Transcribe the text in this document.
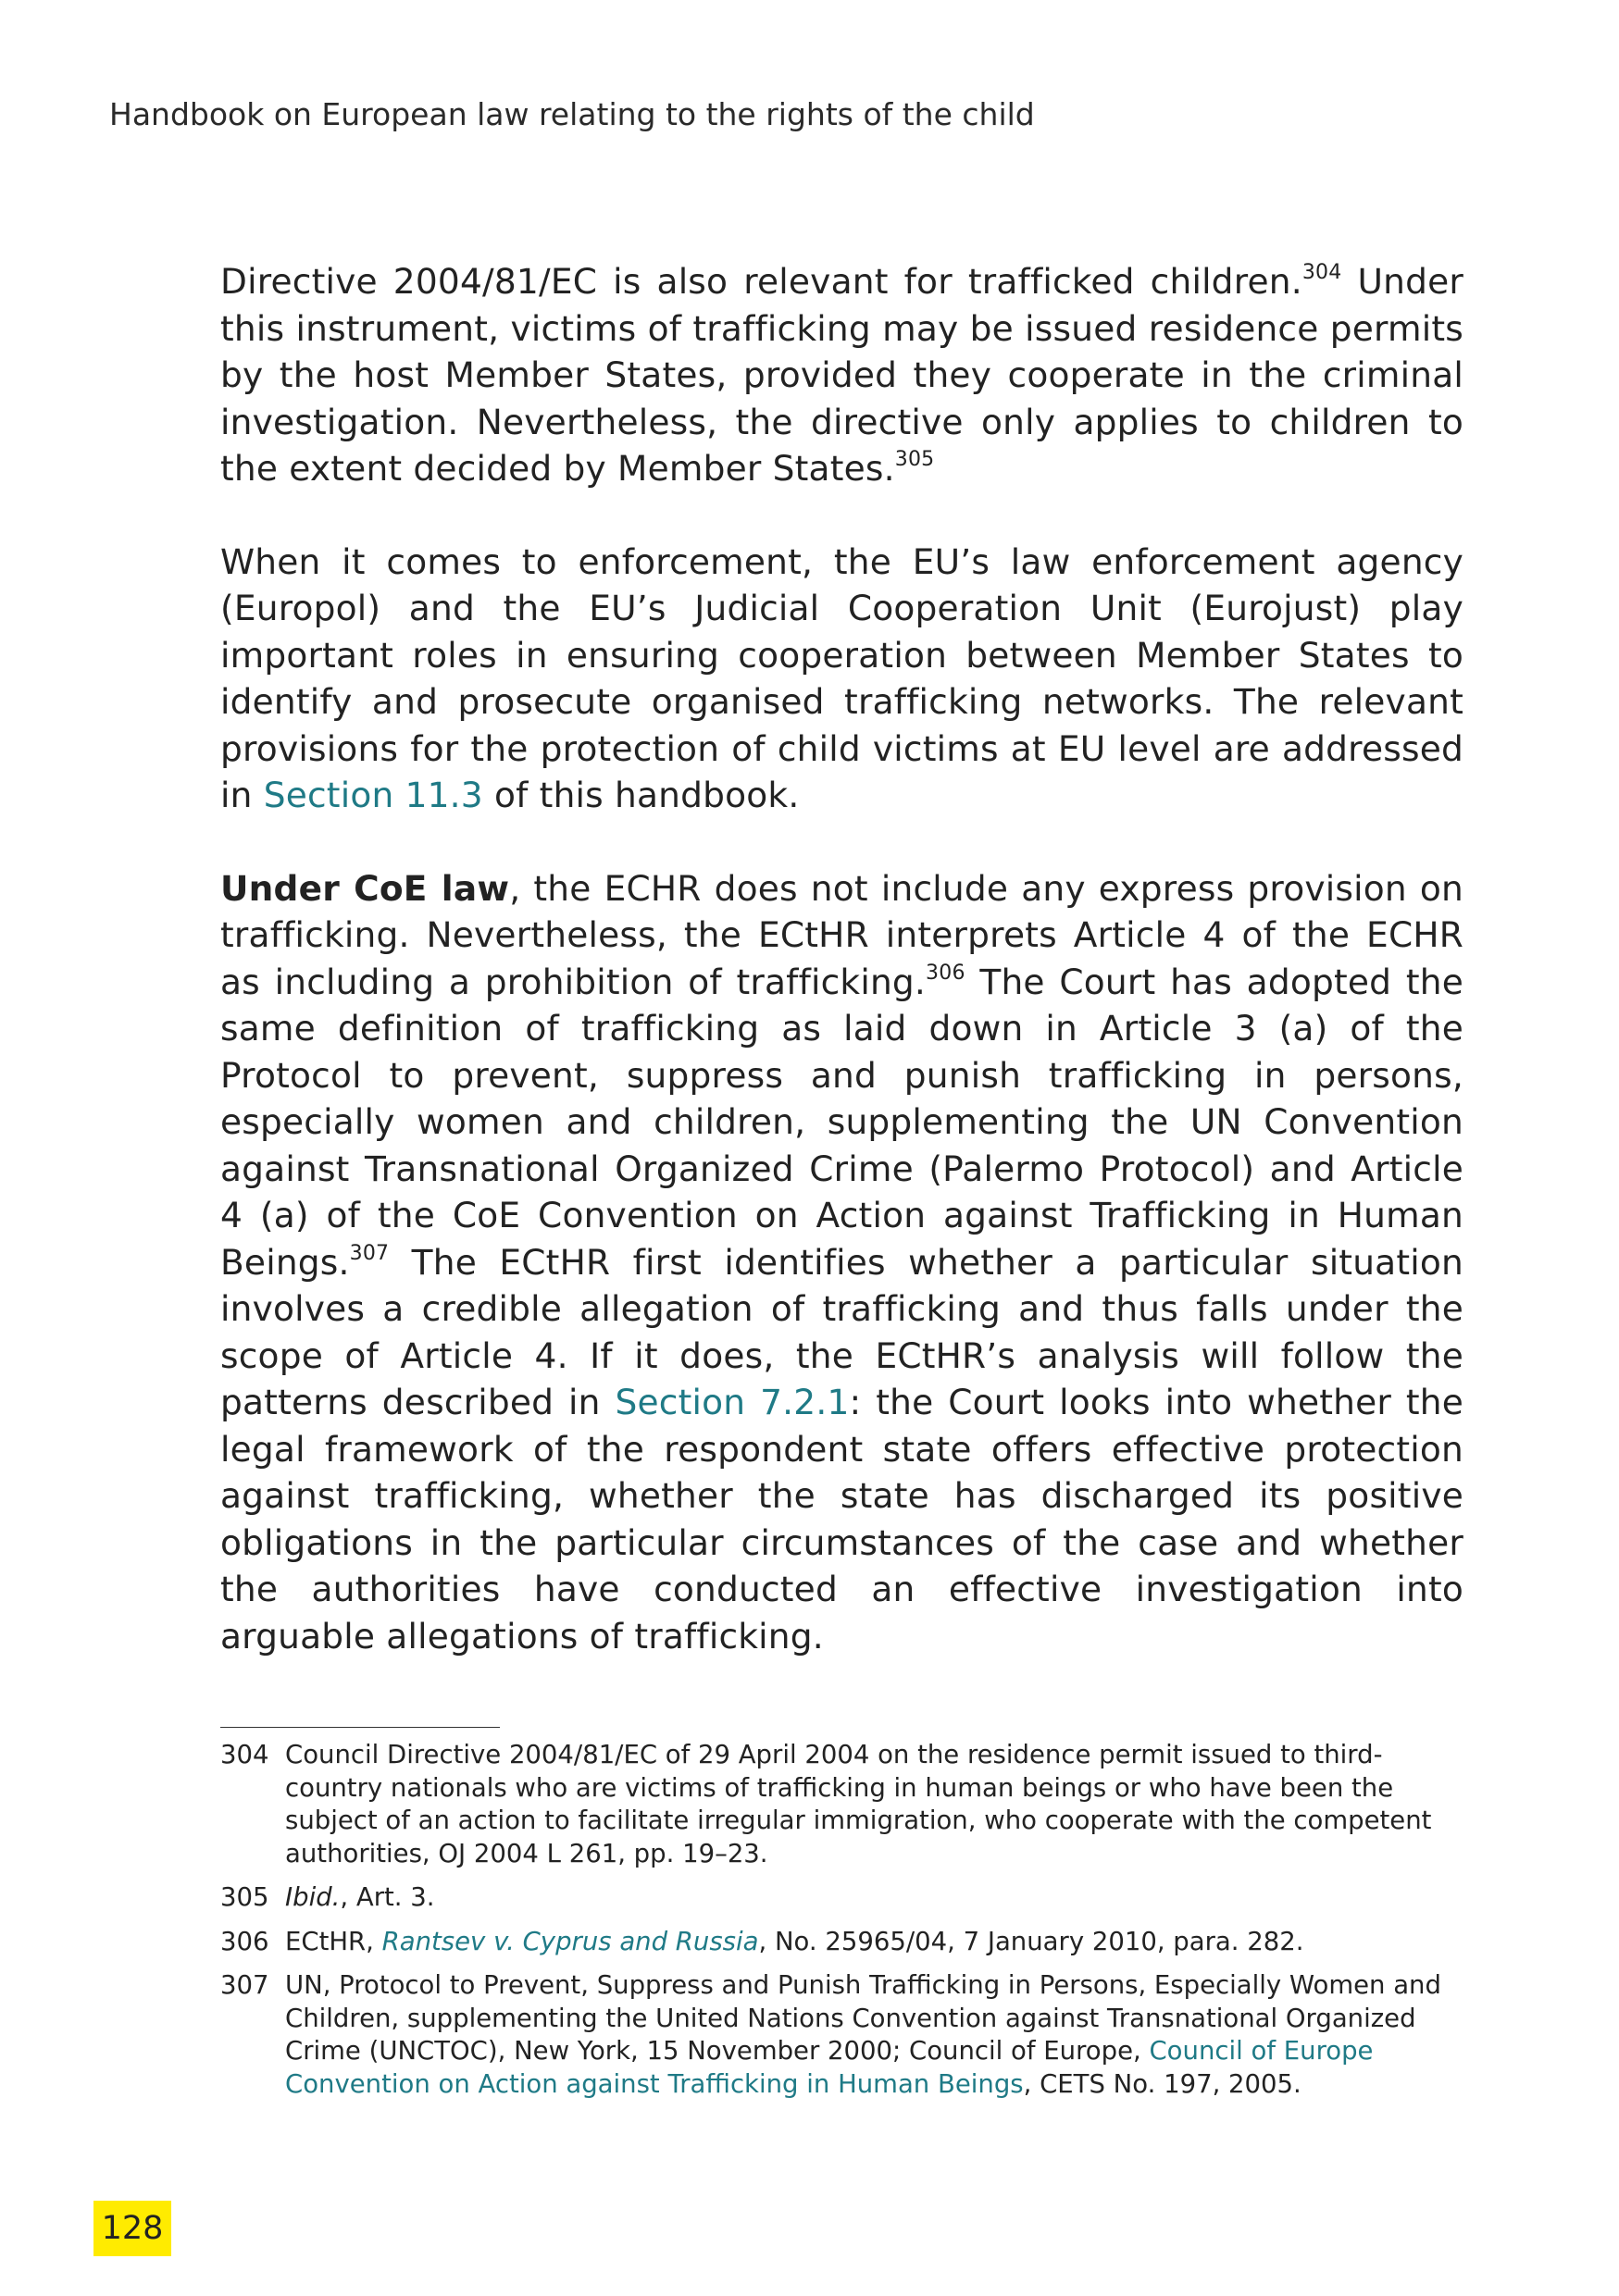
Handbook on European law relating to the rights of the child

Directive 2004/81/EC is also relevant for trafficked children.$^{304}$ Under this instrument, victims of trafficking may be issued residence permits by the host Member States, provided they cooperate in the criminal investigation. Nevertheless, the directive only applies to children to the extent decided by Member States.$^{305}$

When it comes to enforcement, the EU’s law enforcement agency (Europol) and the EU’s Judicial Cooperation Unit (Eurojust) play important roles in ensuring cooperation between Member States to identify and prosecute organised trafficking networks. The relevant provisions for the protection of child victims at EU level are addressed in Section 11.3 of this handbook.

Under CoE law, the ECHR does not include any express provision on trafficking. Nevertheless, the ECtHR interprets Article 4 of the ECHR as including a prohibition of trafficking.$^{306}$ The Court has adopted the same definition of trafficking as laid down in Article 3 (a) of the Protocol to prevent, suppress and punish trafficking in persons, especially women and children, supplementing the UN Convention against Transnational Organized Crime (Palermo Protocol) and Article 4 (a) of the CoE Convention on Action against Trafficking in Human Beings.$^{307}$ The ECtHR first identifies whether a particular situation involves a credible allegation of trafficking and thus falls under the scope of Article 4. If it does, the ECtHR’s analysis will follow the patterns described in Section 7.2.1: the Court looks into whether the legal framework of the respondent state offers effective protection against trafficking, whether the state has discharged its positive obligations in the particular circumstances of the case and whether the authorities have conducted an effective investigation into arguable allegations of trafficking.

304 Council Directive 2004/81/EC of 29 April 2004 on the residence permit issued to third-country nationals who are victims of trafficking in human beings or who have been the subject of an action to facilitate irregular immigration, who cooperate with the competent authorities, OJ 2004 L 261, pp. 19–23.
305 Ibid., Art. 3.
306 ECtHR, Rantsev v. Cyprus and Russia, No. 25965/04, 7 January 2010, para. 282.
307 UN, Protocol to Prevent, Suppress and Punish Trafficking in Persons, Especially Women and Children, supplementing the United Nations Convention against Transnational Organized Crime (UNCTOC), New York, 15 November 2000; Council of Europe, Council of Europe Convention on Action against Trafficking in Human Beings, CETS No. 197, 2005.
128
